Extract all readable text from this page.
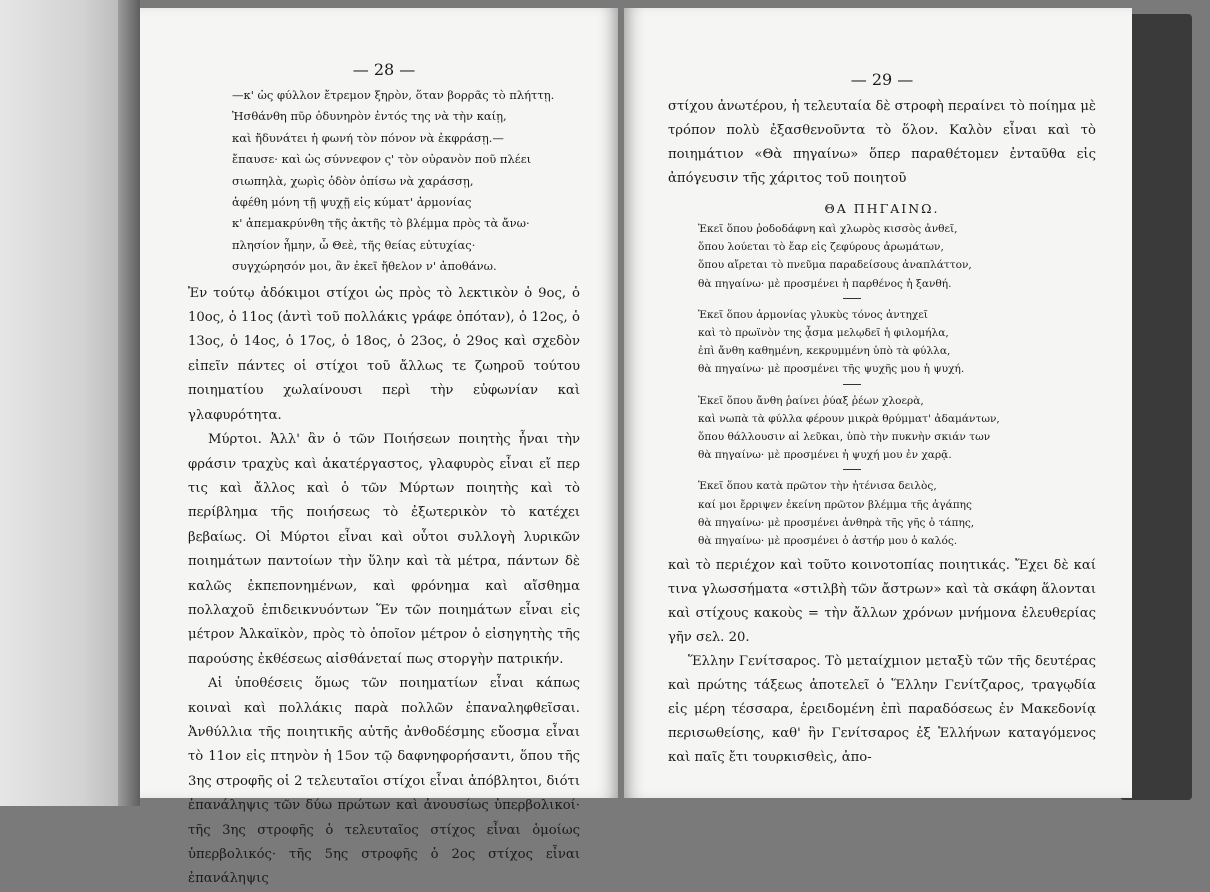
— 28 —
—κ' ὡς φύλλον ἔτρεμον ξηρὸν, ὅταν βορρᾶς τὸ πλήττῃ.
Ἠσθάνθη πῦρ ὀδυνηρὸν ἐντός της νὰ τὴν καίῃ,
καὶ ἤδυνάτει ἡ φωνή τὸν πόνον νὰ ἐκφράσῃ.—
ἔπαυσε· καὶ ὡς σύννεφον ς' τὸν οὐρανὸν ποῦ πλέει
σιωπηλὰ, χωρὶς ὁδὸν ὀπίσω νὰ χαράσσῃ,
ἀφέθη μόνη τῇ ψυχῇ εἰς κύματ' ἁρμονίας
κ' ἀπεμακρύνθη τῆς ἀκτῆς τὸ βλέμμα πρὸς τὰ ἄνω·
πλησίον ἦμην, ὦ Θεὲ, τῆς θείας εὐτυχίας·
συγχώρησόν μοι, ἂν ἐκεῖ ἤθελον ν' ἀποθάνω.

Ἐν τούτῳ ἀδόκιμοι στίχοι ὡς πρὸς τὸ λεκτικὸν ὁ 9ος, ὁ 10ος, ὁ 11ος (ἀντὶ τοῦ πολλάκις γράφε ὁπόταν), ὁ 12ος, ὁ 13ος, ὁ 14ος, ὁ 17ος, ὁ 18ος, ὁ 23ος, ὁ 29ος καὶ σχεδὸν εἰπεῖν πάντες οἱ στίχοι τοῦ ἄλλως τε ζωηροῦ τούτου ποιηματίου χωλαίνουσι περὶ τὴν εὐφωνίαν καὶ γλαφυρότητα.

Μύρτοι. Ἀλλ' ἂν ὁ τῶν Ποιήσεων ποιητὴς ἦναι τὴν φράσιν τραχὺς καὶ ἀκατέργαστος, γλαφυρὸς εἶναι εἴ περ τις καὶ ἄλλος καὶ ὁ τῶν Μύρτων ποιητὴς καὶ τὸ περίβλημα τῆς ποιήσεως τὸ ἐξωτερικὸν τὸ κατέχει βεβαίως. Οἱ Μύρτοι εἶναι καὶ οὗτοι συλλογὴ λυρικῶν ποιημάτων παντοίων τὴν ὕλην καὶ τὰ μέτρα, πάντων δὲ καλῶς ἐκπεπονημένων, καὶ φρόνημα καὶ αἴσθημα πολλαχοῦ ἐπιδεικνυόντων Ἕν τῶν ποιημάτων εἶναι εἰς μέτρον Ἀλκαϊκὸν, πρὸς τὸ ὁποῖον μέτρον ὁ εἰσηγητὴς τῆς παρούσης ἐκθέσεως αἰσθάνεταί πως στοργὴν πατρικήν.

Αἱ ὑποθέσεις ὅμως τῶν ποιηματίων εἶναι κάπως κοιναὶ καὶ πολλάκις παρὰ πολλῶν ἐπαναληφθεῖσαι. Ἀνθύλλια τῆς ποιητικῆς αὐτῆς ἀνθοδέσμης εὔοσμα εἶναι τὸ 11ον εἰς πτηνὸν ἡ 15ον τῷ δαφνηφορήσαντι, ὅπου τῆς 3ης στροφῆς οἱ 2 τελευταῖοι στίχοι εἶναι ἀπόβλητοι, διότι ἐπανάληψις τῶν δύω πρώτων καὶ ἀνουσίως ὑπερβολικοί· τῆς 3ης στροφῆς ὁ τελευταῖος στίχος εἶναι ὁμοίως ὑπερβολικός· τῆς 5ης στροφῆς ὁ 2ος στίχος εἶναι ἐπανάληψις

— 29 —

στίχου ἀνωτέρου, ἡ τελευταία δὲ στροφὴ περαίνει τὸ ποίημα μὲ τρόπον πολὺ ἐξασθενοῦντα τὸ ὅλον. Καλὸν εἶναι καὶ τὸ ποιημάτιον «Θὰ πηγαίνω» ὅπερ παραθέτομεν ἐνταῦθα εἰς ἀπόγευσιν τῆς χάριτος τοῦ ποιητοῦ

ΘΑ ΠΗΓΑΙΝΩ.
Ἐκεῖ ὅπου ῥοδοδάφνη καὶ χλωρὸς κισσὸς ἀνθεῖ,
ὅπου λούεται τὸ ἔαρ εἰς ζεφύρους ἀρωμάτων,
ὅπου αἴρεται τὸ πνεῦμα παραδείσους ἀναπλάττον,
θὰ πηγαίνω· μὲ προσμένει ἡ παρθένος ἡ ξανθή.
Ἐκεῖ ὅπου ἁρμονίας γλυκὺς τόνος ἀντηχεῖ
καὶ τὸ πρωϊνὸν της ᾆσμα μελῳδεῖ ἡ φιλομήλα,
ἐπὶ ἄνθη καθημένη, κεκρυμμένη ὑπὸ τὰ φύλλα,
θὰ πηγαίνω· μὲ προσμένει τῆς ψυχῆς μου ἡ ψυχή.
Ἐκεῖ ὅπου ἄνθη ῥαίνει ῥύαξ ῥέων χλοερὰ,
καὶ νωπὰ τὰ φύλλα φέρουν μικρὰ θρύμματ' ἀδαμάντων,
ὅπου θάλλουσιν αἱ λεῦκαι, ὑπὸ τὴν πυκνὴν σκιάν των
θὰ πηγαίνω· μὲ προσμένει ἡ ψυχή μου ἐν χαρᾷ.
Ἐκεῖ ὅπου κατὰ πρῶτον τὴν ἠτένισα δειλὸς,
καί μοι ἔρριψεν ἐκείνη πρῶτον βλέμμα τῆς ἀγάπης
θὰ πηγαίνω· μὲ προσμένει ἀνθηρὰ τῆς γῆς ὁ τάπης,
θὰ πηγαίνω· μὲ προσμένει ὁ ἀστήρ μου ὁ καλός.

καὶ τὸ περιέχον καὶ τοῦτο κοινοτοπίας ποιητικάς. Ἔχει δὲ καί τινα γλωσσήματα «στιλβὴ τῶν ἄστρων» καὶ τὰ σκάφη ἅλονται καὶ στίχους κακοὺς = τὴν ἄλλων χρόνων μνήμονα ἐλευθερίας γῆν σελ. 20.

Ἕλλην Γενίτσαρος. Τὸ μεταίχμιον μεταξὺ τῶν τῆς δευτέρας καὶ πρώτης τάξεως ἀποτελεῖ ὁ Ἕλλην Γενίτζαρος, τραγῳδία εἰς μέρη τέσσαρα, ἐρειδομένη ἐπὶ παραδόσεως ἐν Μακεδονίᾳ περισωθείσης, καθ' ἣν Γενίτσαρος ἐξ Ἑλλήνων καταγόμενος καὶ παῖς ἔτι τουρκισθεὶς, ἀπο-
